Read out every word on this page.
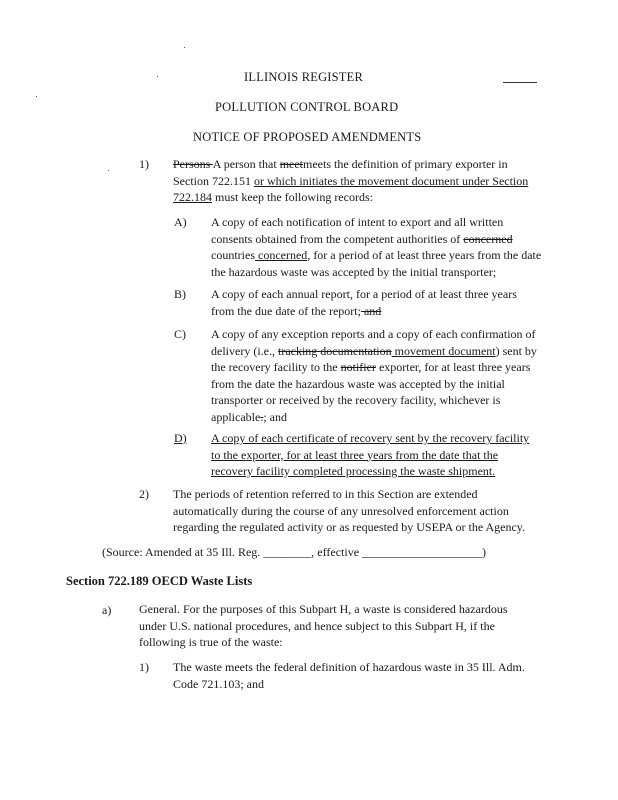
ILLINOIS REGISTER
POLLUTION CONTROL BOARD
NOTICE OF PROPOSED AMENDMENTS
1) Persons A person that meetmeets the definition of primary exporter in Section 722.151 or which initiates the movement document under Section 722.184 must keep the following records:
A) A copy of each notification of intent to export and all written consents obtained from the competent authorities of concerned countries concerned, for a period of at least three years from the date the hazardous waste was accepted by the initial transporter;
B) A copy of each annual report, for a period of at least three years from the due date of the report; and
C) A copy of any exception reports and a copy of each confirmation of delivery (i.e., tracking documentation movement document) sent by the recovery facility to the notifier exporter, for at least three years from the date the hazardous waste was accepted by the initial transporter or received by the recovery facility, whichever is applicable.; and
D) A copy of each certificate of recovery sent by the recovery facility to the exporter, for at least three years from the date that the recovery facility completed processing the waste shipment.
2) The periods of retention referred to in this Section are extended automatically during the course of any unresolved enforcement action regarding the regulated activity or as requested by USEPA or the Agency.
(Source: Amended at 35 Ill. Reg. ________, effective ____________________)
Section 722.189 OECD Waste Lists
a) General. For the purposes of this Subpart H, a waste is considered hazardous under U.S. national procedures, and hence subject to this Subpart H, if the following is true of the waste:
1) The waste meets the federal definition of hazardous waste in 35 Ill. Adm. Code 721.103; and
